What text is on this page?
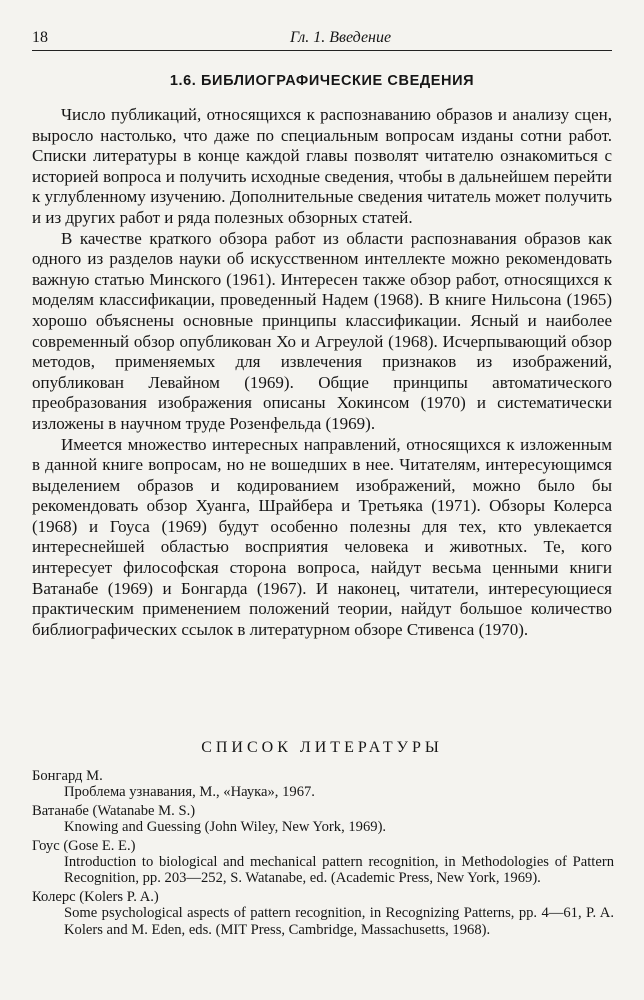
18	Гл. 1. Введение
1.6. БИБЛИОГРАФИЧЕСКИЕ СВЕДЕНИЯ

Число публикаций, относящихся к распознаванию образов и анализу сцен, выросло настолько, что даже по специальным вопросам изданы сотни работ. Списки литературы в конце каждой главы позволят читателю ознакомиться с историей вопроса и получить исходные сведения, чтобы в дальнейшем перейти к углубленному изучению. Дополнительные сведения читатель может получить и из других работ и ряда полезных обзорных статей.

В качестве краткого обзора работ из области распознавания образов как одного из разделов науки об искусственном интеллекте можно рекомендовать важную статью Минского (1961). Интересен также обзор работ, относящихся к моделям классификации, проведенный Надем (1968). В книге Нильсона (1965) хорошо объяснены основные принципы классификации. Ясный и наиболее современный обзор опубликован Хо и Агреулой (1968). Исчерпывающий обзор методов, применяемых для извлечения признаков из изображений, опубликован Левайном (1969). Общие принципы автоматического преобразования изображения описаны Хокинсом (1970) и систематически изложены в научном труде Розенфельда (1969).

Имеется множество интересных направлений, относящихся к изложенным в данной книге вопросам, но не вошедших в нее. Читателям, интересующимся выделением образов и кодированием изображений, можно было бы рекомендовать обзор Хуанга, Шрайбера и Третьяка (1971). Обзоры Колерса (1968) и Гоуса (1969) будут особенно полезны для тех, кто увлекается интереснейшей областью восприятия человека и животных. Те, кого интересует философская сторона вопроса, найдут весьма ценными книги Ватанабе (1969) и Бонгарда (1967). И наконец, читатели, интересующиеся практическим применением положений теории, найдут большое количество библиографических ссылок в литературном обзоре Стивенса (1970).

СПИСОК ЛИТЕРАТУРЫ
Бонгард М.
Проблема узнавания, М., «Наука», 1967.
Ватанабе (Watanabe M. S.)
Knowing and Guessing (John Wiley, New York, 1969).
Гоус (Gose E. E.)
Introduction to biological and mechanical pattern recognition, in Methodologies of Pattern Recognition, pp. 203—252, S. Watanabe, ed. (Academic Press, New York, 1969).
Колерс (Kolers P. A.)
Some psychological aspects of pattern recognition, in Recognizing Patterns, pp. 4—61, P. A. Kolers and M. Eden, eds. (MIT Press, Cambridge, Massachusetts, 1968).
